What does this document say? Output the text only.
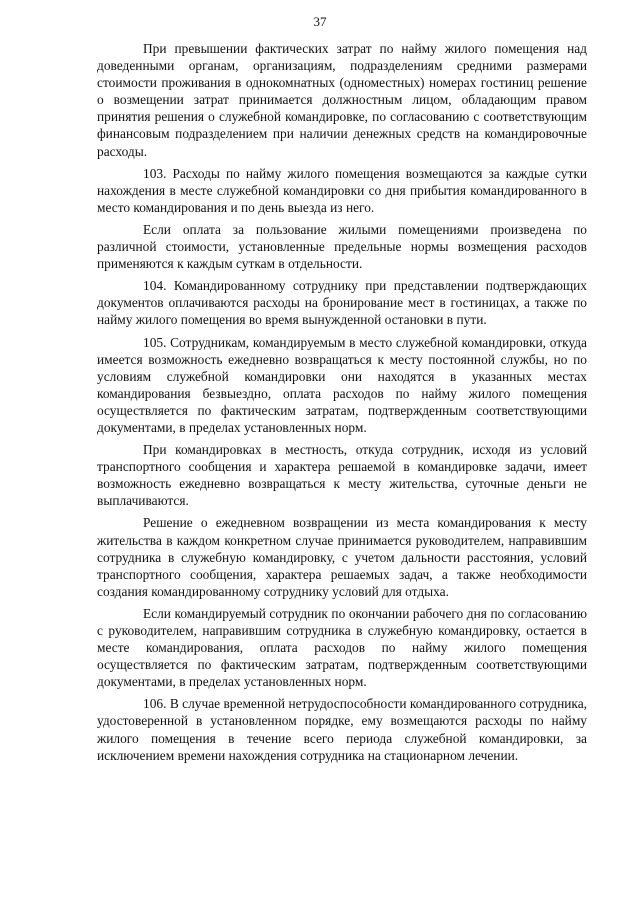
37

При превышении фактических затрат по найму жилого помещения над доведенными органам, организациям, подразделениям средними размерами стоимости проживания в однокомнатных (одноместных) номерах гостиниц решение о возмещении затрат принимается должностным лицом, обладающим правом принятия решения о служебной командировке, по согласованию с соответствующим финансовым подразделением при наличии денежных средств на командировочные расходы.

103. Расходы по найму жилого помещения возмещаются за каждые сутки нахождения в месте служебной командировки со дня прибытия командированного в место командирования и по день выезда из него.

Если оплата за пользование жилыми помещениями произведена по различной стоимости, установленные предельные нормы возмещения расходов применяются к каждым суткам в отдельности.

104. Командированному сотруднику при представлении подтверждающих документов оплачиваются расходы на бронирование мест в гостиницах, а также по найму жилого помещения во время вынужденной остановки в пути.

105. Сотрудникам, командируемым в место служебной командировки, откуда имеется возможность ежедневно возвращаться к месту постоянной службы, но по условиям служебной командировки они находятся в указанных местах командирования безвыездно, оплата расходов по найму жилого помещения осуществляется по фактическим затратам, подтвержденным соответствующими документами, в пределах установленных норм.

При командировках в местность, откуда сотрудник, исходя из условий транспортного сообщения и характера решаемой в командировке задачи, имеет возможность ежедневно возвращаться к месту жительства, суточные деньги не выплачиваются.

Решение о ежедневном возвращении из места командирования к месту жительства в каждом конкретном случае принимается руководителем, направившим сотрудника в служебную командировку, с учетом дальности расстояния, условий транспортного сообщения, характера решаемых задач, а также необходимости создания командированному сотруднику условий для отдыха.

Если командируемый сотрудник по окончании рабочего дня по согласованию с руководителем, направившим сотрудника в служебную командировку, остается в месте командирования, оплата расходов по найму жилого помещения осуществляется по фактическим затратам, подтвержденным соответствующими документами, в пределах установленных норм.

106. В случае временной нетрудоспособности командированного сотрудника, удостоверенной в установленном порядке, ему возмещаются расходы по найму жилого помещения в течение всего периода служебной командировки, за исключением времени нахождения сотрудника на стационарном лечении.
